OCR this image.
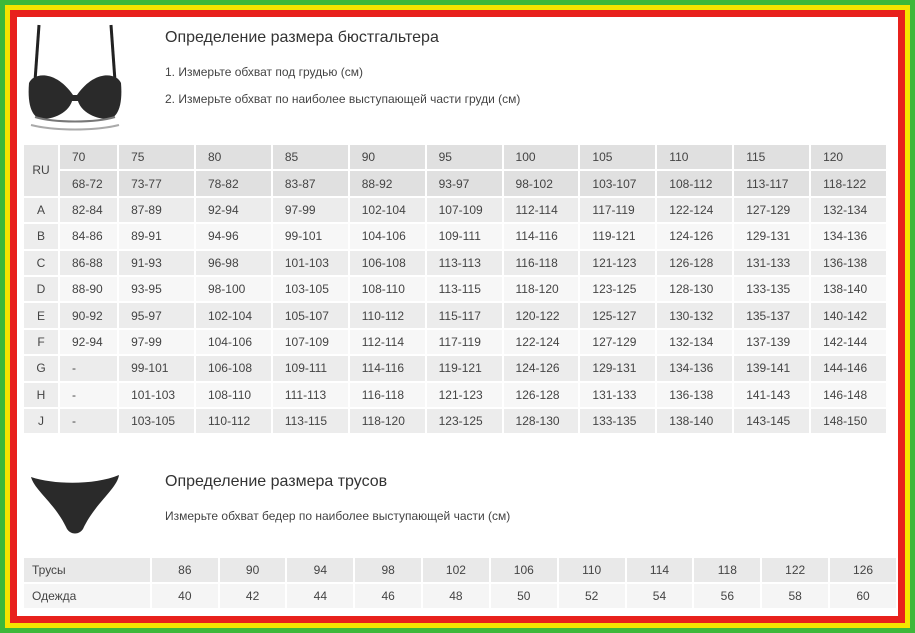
Определение размера бюстгальтера
1. Измерьте обхват под грудью (см)
2. Измерьте обхват по наиболее выступающей части груди (см)
RU	70	75	80	85	90	95	100	105	110	115	120
	68-72	73-77	78-82	83-87	88-92	93-97	98-102	103-107	108-112	113-117	118-122
A	82-84	87-89	92-94	97-99	102-104	107-109	112-114	117-119	122-124	127-129	132-134
B	84-86	89-91	94-96	99-101	104-106	109-111	114-116	119-121	124-126	129-131	134-136
C	86-88	91-93	96-98	101-103	106-108	113-113	116-118	121-123	126-128	131-133	136-138
D	88-90	93-95	98-100	103-105	108-110	113-115	118-120	123-125	128-130	133-135	138-140
E	90-92	95-97	102-104	105-107	110-112	115-117	120-122	125-127	130-132	135-137	140-142
F	92-94	97-99	104-106	107-109	112-114	117-119	122-124	127-129	132-134	137-139	142-144
G	-	99-101	106-108	109-111	114-116	119-121	124-126	129-131	134-136	139-141	144-146
H	-	101-103	108-110	111-113	116-118	121-123	126-128	131-133	136-138	141-143	146-148
J	-	103-105	110-112	113-115	118-120	123-125	128-130	133-135	138-140	143-145	148-150
Определение размера трусов
Измерьте обхват бедер по наиболее выступающей части (см)
Трусы	86	90	94	98	102	106	110	114	118	122	126
Одежда	40	42	44	46	48	50	52	54	56	58	60
